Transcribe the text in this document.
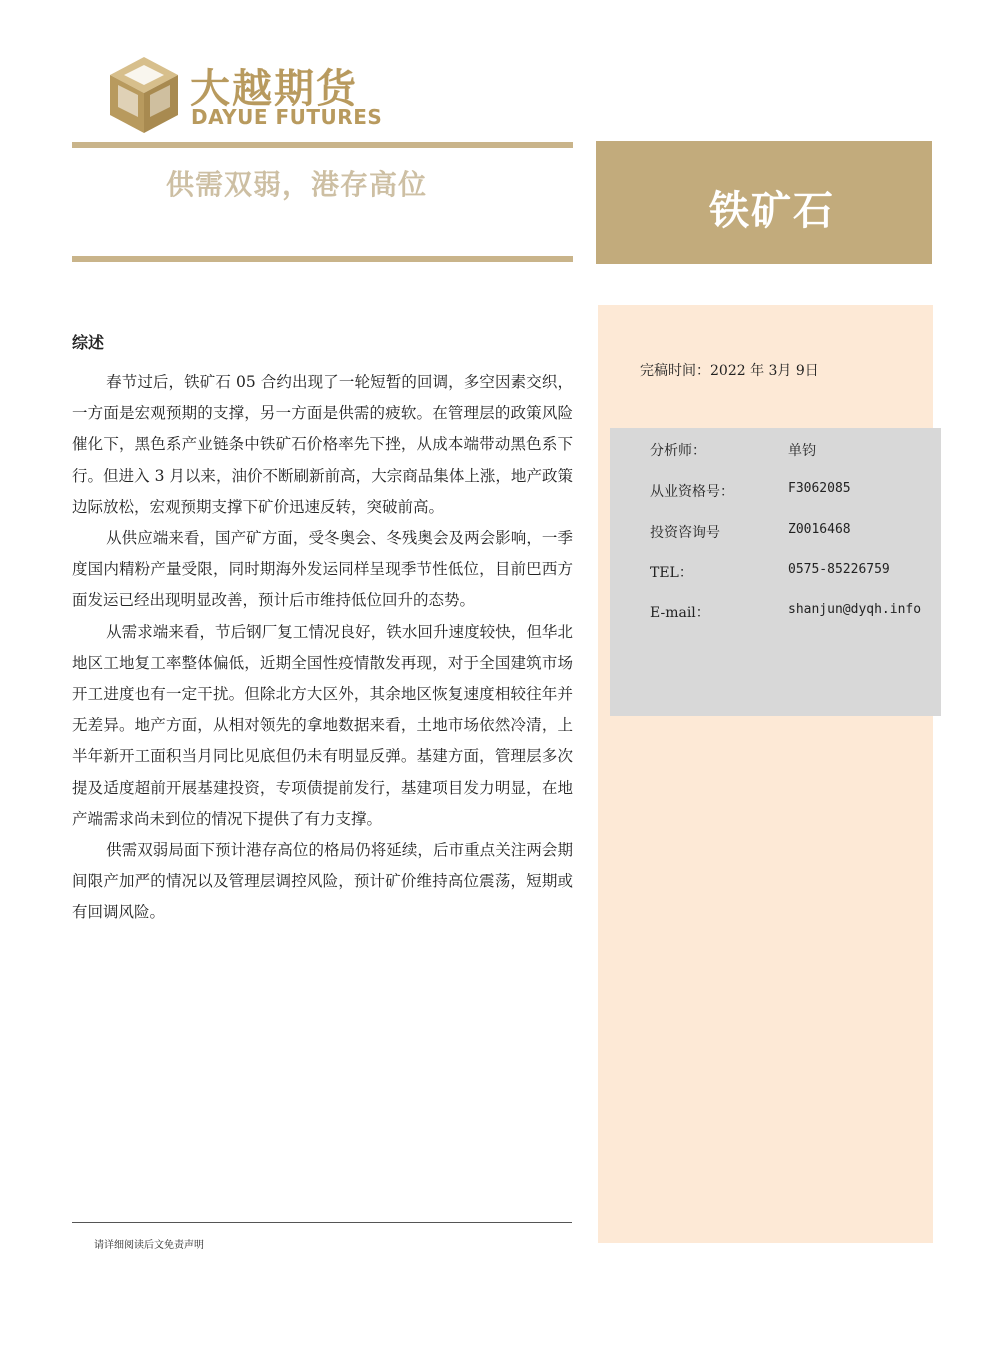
大越期货
DAYUE FUTURES
供需双弱，港存高位
铁矿石
完稿时间：2022 年 3月 9日
分析师：	单钧
从业资格号：	F3062085
投资咨询号	Z0016468
TEL：	0575-85226759
E-mail：	shanjun@dyqh.info
综述

春节过后，铁矿石 05 合约出现了一轮短暂的回调，多空因素交织，一方面是宏观预期的支撑，另一方面是供需的疲软。在管理层的政策风险催化下，黑色系产业链条中铁矿石价格率先下挫，从成本端带动黑色系下行。但进入 3 月以来，油价不断刷新前高，大宗商品集体上涨，地产政策边际放松，宏观预期支撑下矿价迅速反转，突破前高。

从供应端来看，国产矿方面，受冬奥会、冬残奥会及两会影响，一季度国内精粉产量受限，同时期海外发运同样呈现季节性低位，目前巴西方面发运已经出现明显改善，预计后市维持低位回升的态势。

从需求端来看，节后钢厂复工情况良好，铁水回升速度较快，但华北地区工地复工率整体偏低，近期全国性疫情散发再现，对于全国建筑市场开工进度也有一定干扰。但除北方大区外，其余地区恢复速度相较往年并无差异。地产方面，从相对领先的拿地数据来看，土地市场依然冷清，上半年新开工面积当月同比见底但仍未有明显反弹。基建方面，管理层多次提及适度超前开展基建投资，专项债提前发行，基建项目发力明显，在地产端需求尚未到位的情况下提供了有力支撑。

供需双弱局面下预计港存高位的格局仍将延续，后市重点关注两会期间限产加严的情况以及管理层调控风险，预计矿价维持高位震荡，短期或有回调风险。

请详细阅读后文免责声明
